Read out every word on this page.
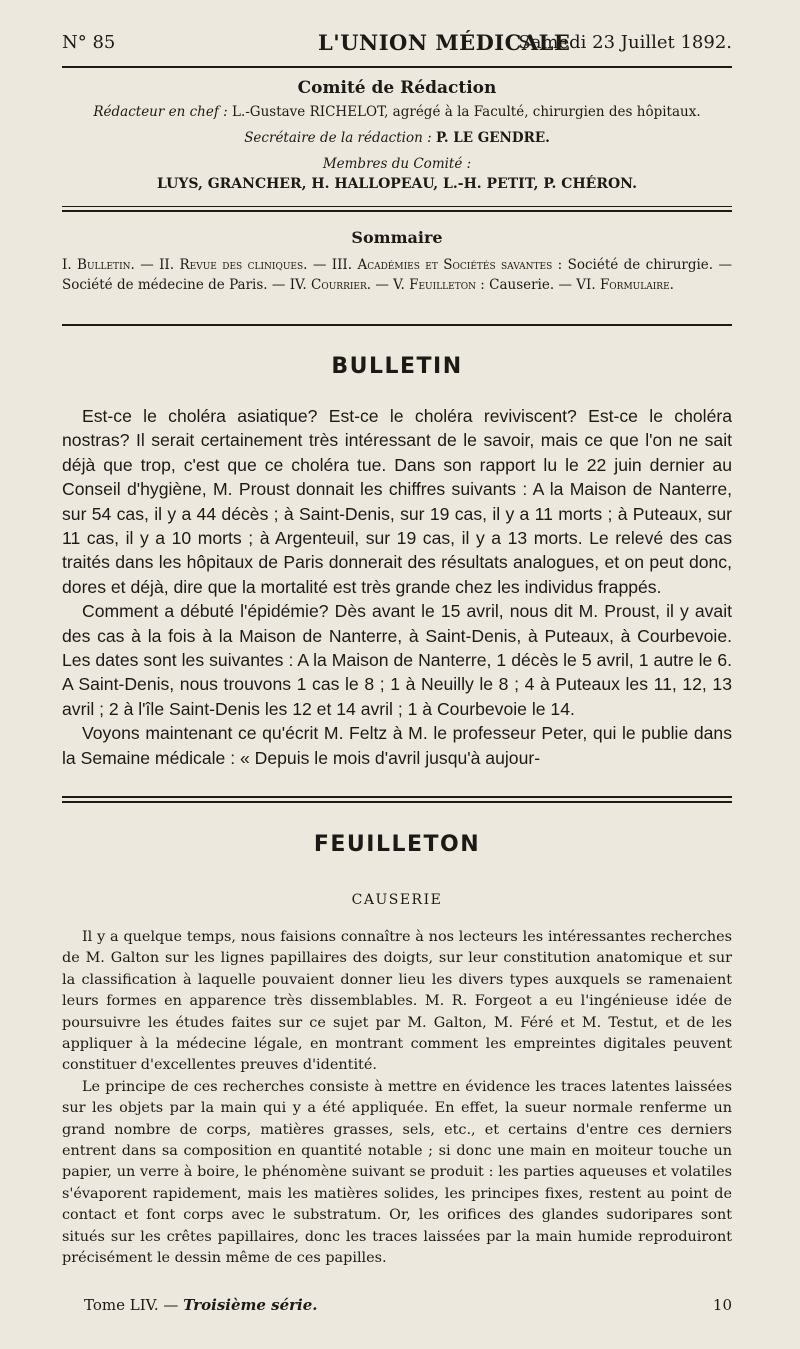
N° 85	L'UNION MÉDICALE
Samedi 23 Juillet 1892.
Comité de Rédaction
Rédacteur en chef : L.-Gustave RICHELOT, agrégé à la Faculté, chirurgien des hôpitaux.
Secrétaire de la rédaction : P. LE GENDRE.
Membres du Comité :
LUYS, GRANCHER, H. HALLOPEAU, L.-H. PETIT, P. CHÉRON.
Sommaire
I. Bulletin. — II. Revue des cliniques. — III. Académies et Sociétés savantes : Société de chirurgie. — Société de médecine de Paris. — IV. Courrier. — V. Feuilleton : Causerie. — VI. Formulaire.
BULLETIN

Est-ce le choléra asiatique? Est-ce le choléra reviviscent? Est-ce le choléra nostras? Il serait certainement très intéressant de le savoir, mais ce que l'on ne sait déjà que trop, c'est que ce choléra tue. Dans son rapport lu le 22 juin dernier au Conseil d'hygiène, M. Proust donnait les chiffres suivants : A la Maison de Nanterre, sur 54 cas, il y a 44 décès ; à Saint-Denis, sur 19 cas, il y a 11 morts ; à Puteaux, sur 11 cas, il y a 10 morts ; à Argenteuil, sur 19 cas, il y a 13 morts. Le relevé des cas traités dans les hôpitaux de Paris donnerait des résultats analogues, et on peut donc, dores et déjà, dire que la mortalité est très grande chez les individus frappés.

Comment a débuté l'épidémie? Dès avant le 15 avril, nous dit M. Proust, il y avait des cas à la fois à la Maison de Nanterre, à Saint-Denis, à Puteaux, à Courbevoie. Les dates sont les suivantes : A la Maison de Nanterre, 1 décès le 5 avril, 1 autre le 6. A Saint-Denis, nous trouvons 1 cas le 8 ; 1 à Neuilly le 8 ; 4 à Puteaux les 11, 12, 13 avril ; 2 à l'île Saint-Denis les 12 et 14 avril ; 1 à Courbevoie le 14.

Voyons maintenant ce qu'écrit M. Feltz à M. le professeur Peter, qui le publie dans la Semaine médicale : « Depuis le mois d'avril jusqu'à aujour-

FEUILLETON
CAUSERIE

Il y a quelque temps, nous faisions connaître à nos lecteurs les intéressantes recherches de M. Galton sur les lignes papillaires des doigts, sur leur constitution anatomique et sur la classification à laquelle pouvaient donner lieu les divers types auxquels se ramenaient leurs formes en apparence très dissemblables. M. R. Forgeot a eu l'ingénieuse idée de poursuivre les études faites sur ce sujet par M. Galton, M. Féré et M. Testut, et de les appliquer à la médecine légale, en montrant comment les empreintes digitales peuvent constituer d'excellentes preuves d'identité.

Le principe de ces recherches consiste à mettre en évidence les traces latentes laissées sur les objets par la main qui y a été appliquée. En effet, la sueur normale renferme un grand nombre de corps, matières grasses, sels, etc., et certains d'entre ces derniers entrent dans sa composition en quantité notable ; si donc une main en moiteur touche un papier, un verre à boire, le phénomène suivant se produit : les parties aqueuses et volatiles s'évaporent rapidement, mais les matières solides, les principes fixes, restent au point de contact et font corps avec le substratum. Or, les orifices des glandes sudoripares sont situés sur les crêtes papillaires, donc les traces laissées par la main humide reproduiront précisément le dessin même de ces papilles.

Tome LIV. — Troisième série.	10
